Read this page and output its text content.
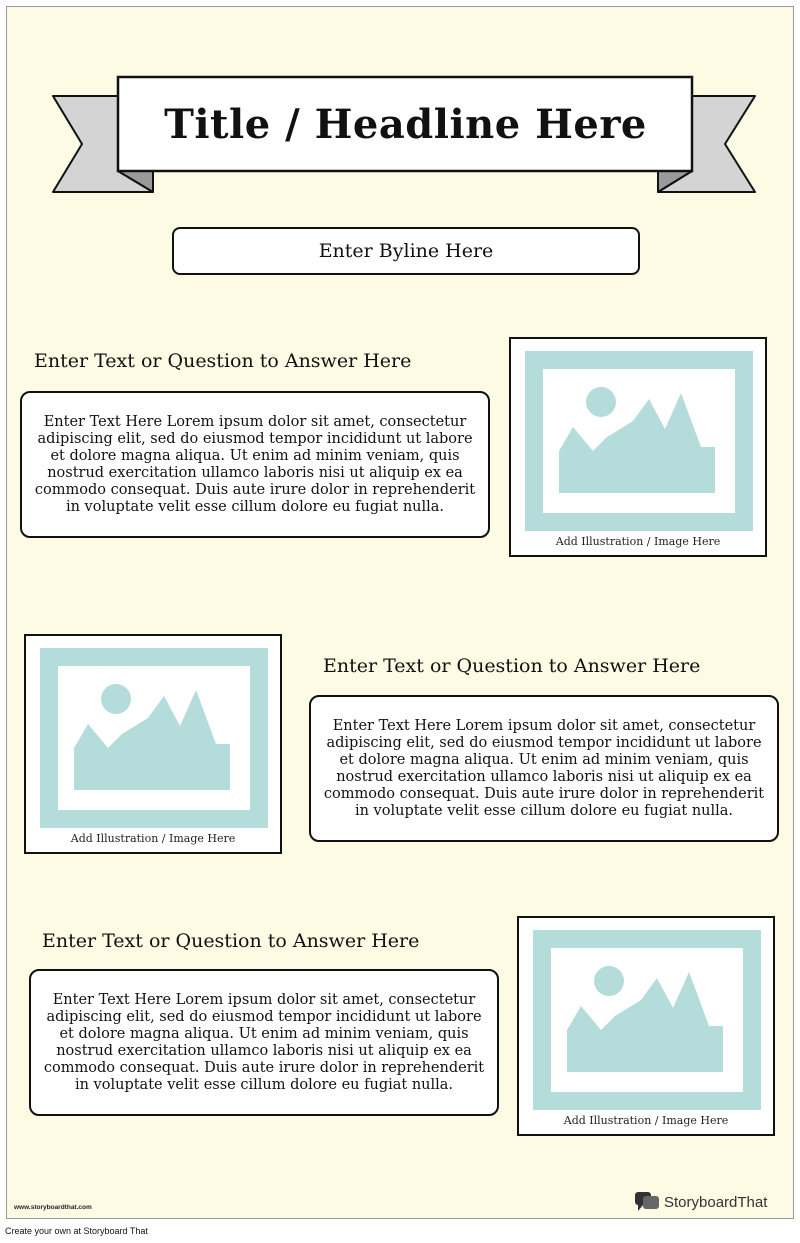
Title / Headline Here
Enter Byline Here
Enter Text or Question to Answer Here
Enter Text Here Lorem ipsum dolor sit amet, consectetur adipiscing elit, sed do eiusmod tempor incididunt ut labore et dolore magna aliqua. Ut enim ad minim veniam, quis nostrud exercitation ullamco laboris nisi ut aliquip ex ea commodo consequat. Duis aute irure dolor in reprehenderit in voluptate velit esse cillum dolore eu fugiat nulla.
Add Illustration / Image Here
Add Illustration / Image Here
Enter Text or Question to Answer Here
Enter Text Here Lorem ipsum dolor sit amet, consectetur adipiscing elit, sed do eiusmod tempor incididunt ut labore et dolore magna aliqua. Ut enim ad minim veniam, quis nostrud exercitation ullamco laboris nisi ut aliquip ex ea commodo consequat. Duis aute irure dolor in reprehenderit in voluptate velit esse cillum dolore eu fugiat nulla.
Enter Text or Question to Answer Here
Enter Text Here Lorem ipsum dolor sit amet, consectetur adipiscing elit, sed do eiusmod tempor incididunt ut labore et dolore magna aliqua. Ut enim ad minim veniam, quis nostrud exercitation ullamco laboris nisi ut aliquip ex ea commodo consequat. Duis aute irure dolor in reprehenderit in voluptate velit esse cillum dolore eu fugiat nulla.
Add Illustration / Image Here
www.storyboardthat.com	StoryboardThat
Create your own at Storyboard That
